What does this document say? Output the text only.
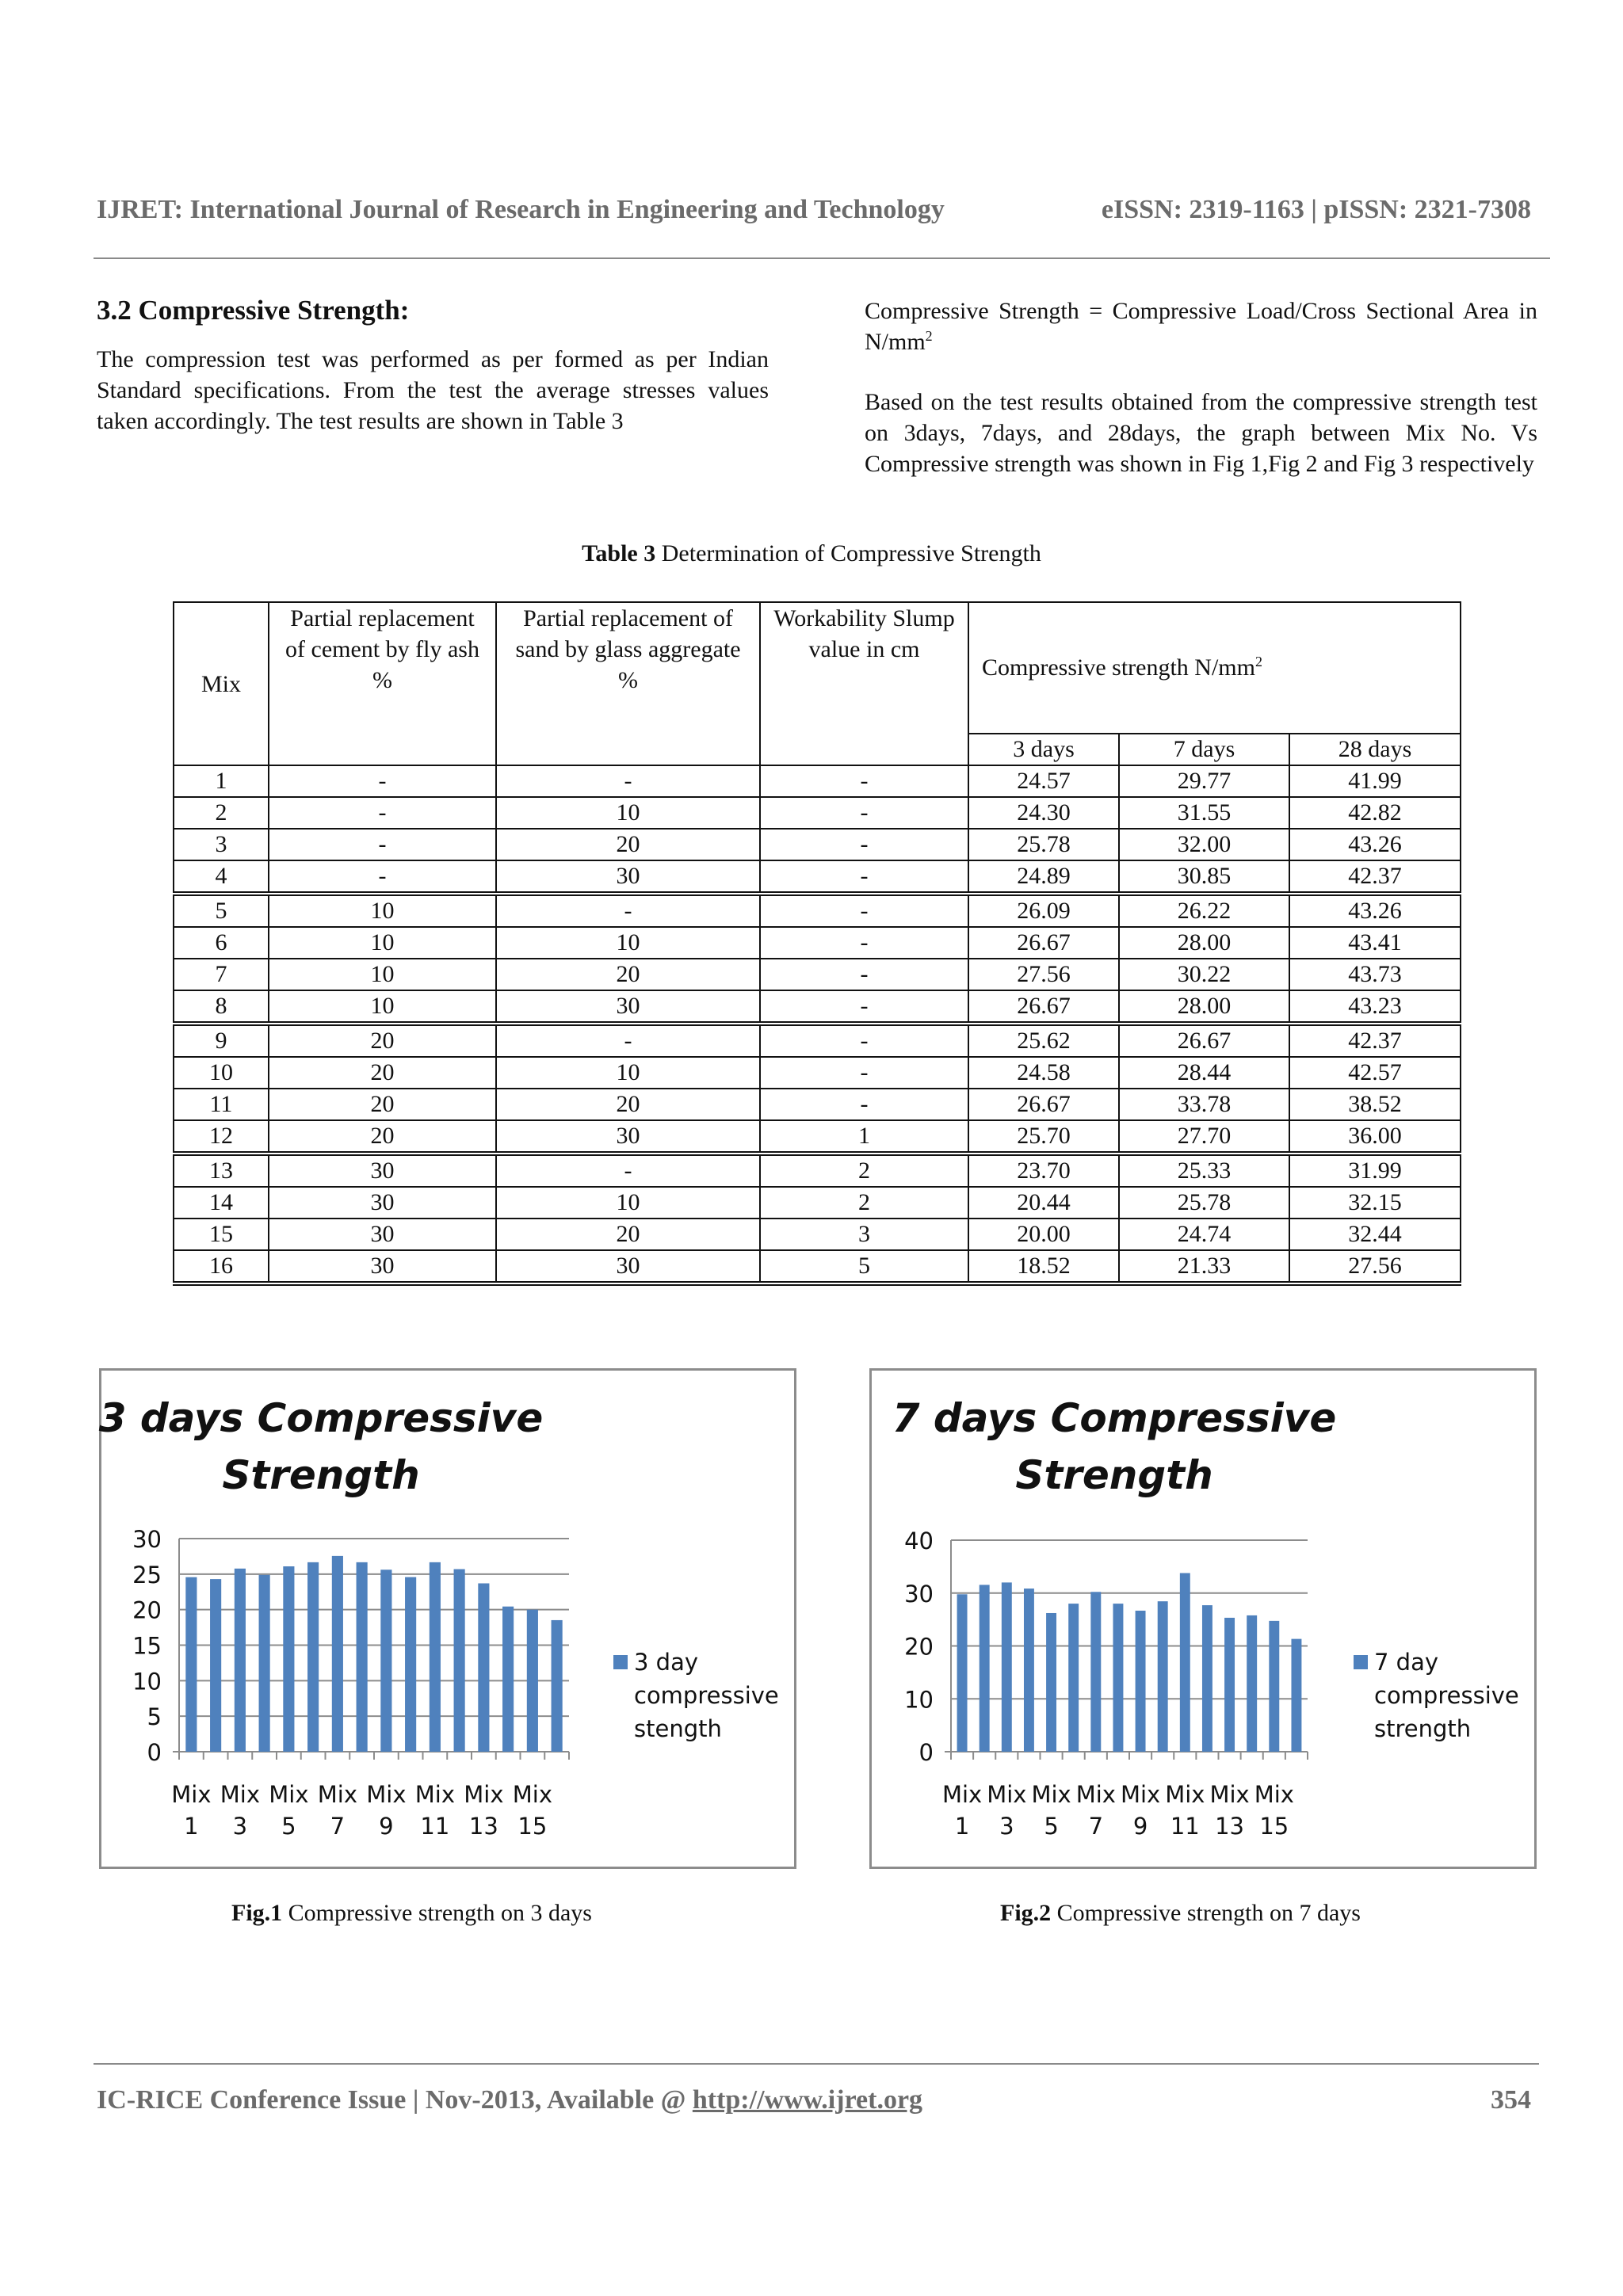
IJRET: International Journal of Research in Engineering and Technology	eISSN: 2319-1163 | pISSN: 2321-7308
3.2 Compressive Strength:
The compression test was performed as per formed as per Indian Standard specifications. From the test the average stresses values taken accordingly. The test results are shown in Table 3
Compressive Strength = Compressive Load/Cross Sectional Area in $N/mm^2$
Based on the test results obtained from the compressive strength test on 3days, 7days, and 28days, the graph between Mix No. Vs Compressive strength was shown in Fig 1,Fig 2 and Fig 3 respectively
Table 3 Determination of Compressive Strength
Mix	Partial replacement of cement by fly ash %	Partial replacement of sand by glass aggregate %	Workability Slump value in cm	Compressive strength $N/mm^2$
				3 days	7 days	28 days
1	-	-	-	24.57	29.77	41.99
2	-	10	-	24.30	31.55	42.82
3	-	20	-	25.78	32.00	43.26
4	-	30	-	24.89	30.85	42.37
5	10	-	-	26.09	26.22	43.26
6	10	10	-	26.67	28.00	43.41
7	10	20	-	27.56	30.22	43.73
8	10	30	-	26.67	28.00	43.23
9	20	-	-	25.62	26.67	42.37
10	20	10	-	24.58	28.44	42.57
11	20	20	-	26.67	33.78	38.52
12	20	30	1	25.70	27.70	36.00
13	30	-	2	23.70	25.33	31.99
14	30	10	2	20.44	25.78	32.15
15	30	20	3	20.00	24.74	32.44
16	30	30	5	18.52	21.33	27.56
3 days Compressive
Strength
0
5
10
15
20
25
30
Mix
1
Mix
3
Mix
5
Mix
7
Mix
9
Mix
11
Mix
13
Mix
15
3 day
compressive
stength
7 days Compressive
Strength
0
10
20
30
40
Mix
1
Mix
3
Mix
5
Mix
7
Mix
9
Mix
11
Mix
13
Mix
15
7 day
compressive
strength
Fig.1 Compressive strength on 3 days	Fig.2 Compressive strength on 7 days
IC-RICE Conference Issue | Nov-2013, Available @ http://www.ijret.org	354
